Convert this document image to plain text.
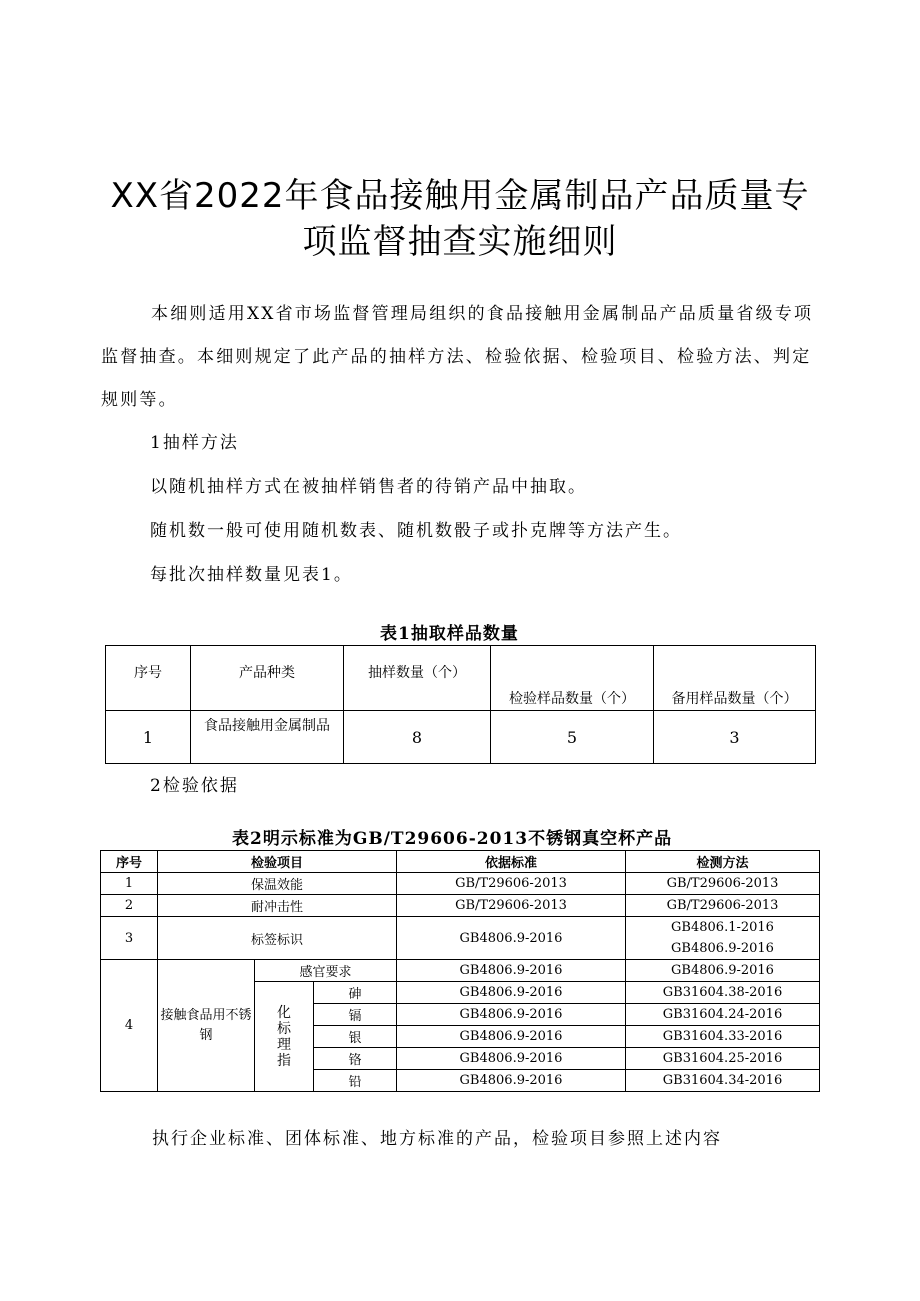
XX省2022年食品接触用金属制品产品质量专
项监督抽查实施细则

本细则适用XX省市场监督管理局组织的食品接触用金属制品产品质量省级专项监督抽查。本细则规定了此产品的抽样方法、检验依据、检验项目、检验方法、判定规则等。

1抽样方法

以随机抽样方式在被抽样销售者的待销产品中抽取。

随机数一般可使用随机数表、随机数骰子或扑克牌等方法产生。

每批次抽样数量见表1。

表1抽取样品数量

序号	产品种类	抽样数量（个）	检验样品数量（个）	备用样品数量（个）
1	食品接触用金属制品	8	5	3

2检验依据

表2明示标准为GB/T29606-2013不锈钢真空杯产品

序号	检验项目			依据标准	检测方法
1	保温效能			GB/T29606-2013	GB/T29606-2013
2	耐冲击性			GB/T29606-2013	GB/T29606-2013
3	标签标识			GB4806.9-2016	GB4806.1-2016
GB4806.9-2016
4	接触食品用不锈钢	感官要求		GB4806.9-2016	GB4806.9-2016

		化标理指	砷	GB4806.9-2016	GB31604.38-2016
			镉	GB4806.9-2016	GB31604.24-2016
			银	GB4806.9-2016	GB31604.33-2016
			铬	GB4806.9-2016	GB31604.25-2016
			铅	GB4806.9-2016	GB31604.34-2016

执行企业标准、团体标准、地方标准的产品，检验项目参照上述内容
